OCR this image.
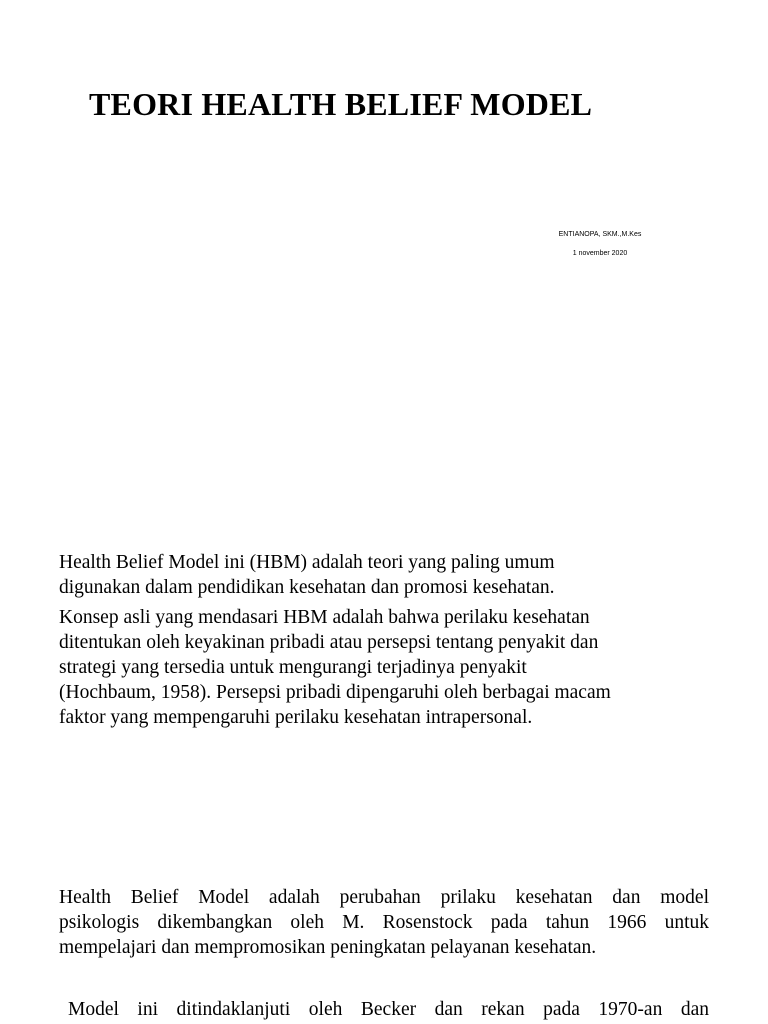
TEORI HEALTH BELIEF MODEL
ENTIANOPA, SKM.,M.Kes
1 november 2020
Health Belief Model ini (HBM) adalah teori yang paling umum
digunakan dalam pendidikan kesehatan dan promosi kesehatan.
Konsep asli yang mendasari HBM adalah bahwa perilaku kesehatan
ditentukan oleh keyakinan pribadi atau persepsi tentang penyakit dan
strategi yang tersedia untuk mengurangi terjadinya penyakit
(Hochbaum, 1958). Persepsi pribadi dipengaruhi oleh berbagai macam
faktor yang mempengaruhi perilaku kesehatan intrapersonal.
Health Belief Model adalah perubahan prilaku kesehatan dan model
psikologis dikembangkan oleh M. Rosenstock pada tahun 1966 untuk
mempelajari dan mempromosikan peningkatan pelayanan kesehatan.
Model ini ditindaklanjuti oleh Becker dan rekan pada 1970-an dan
